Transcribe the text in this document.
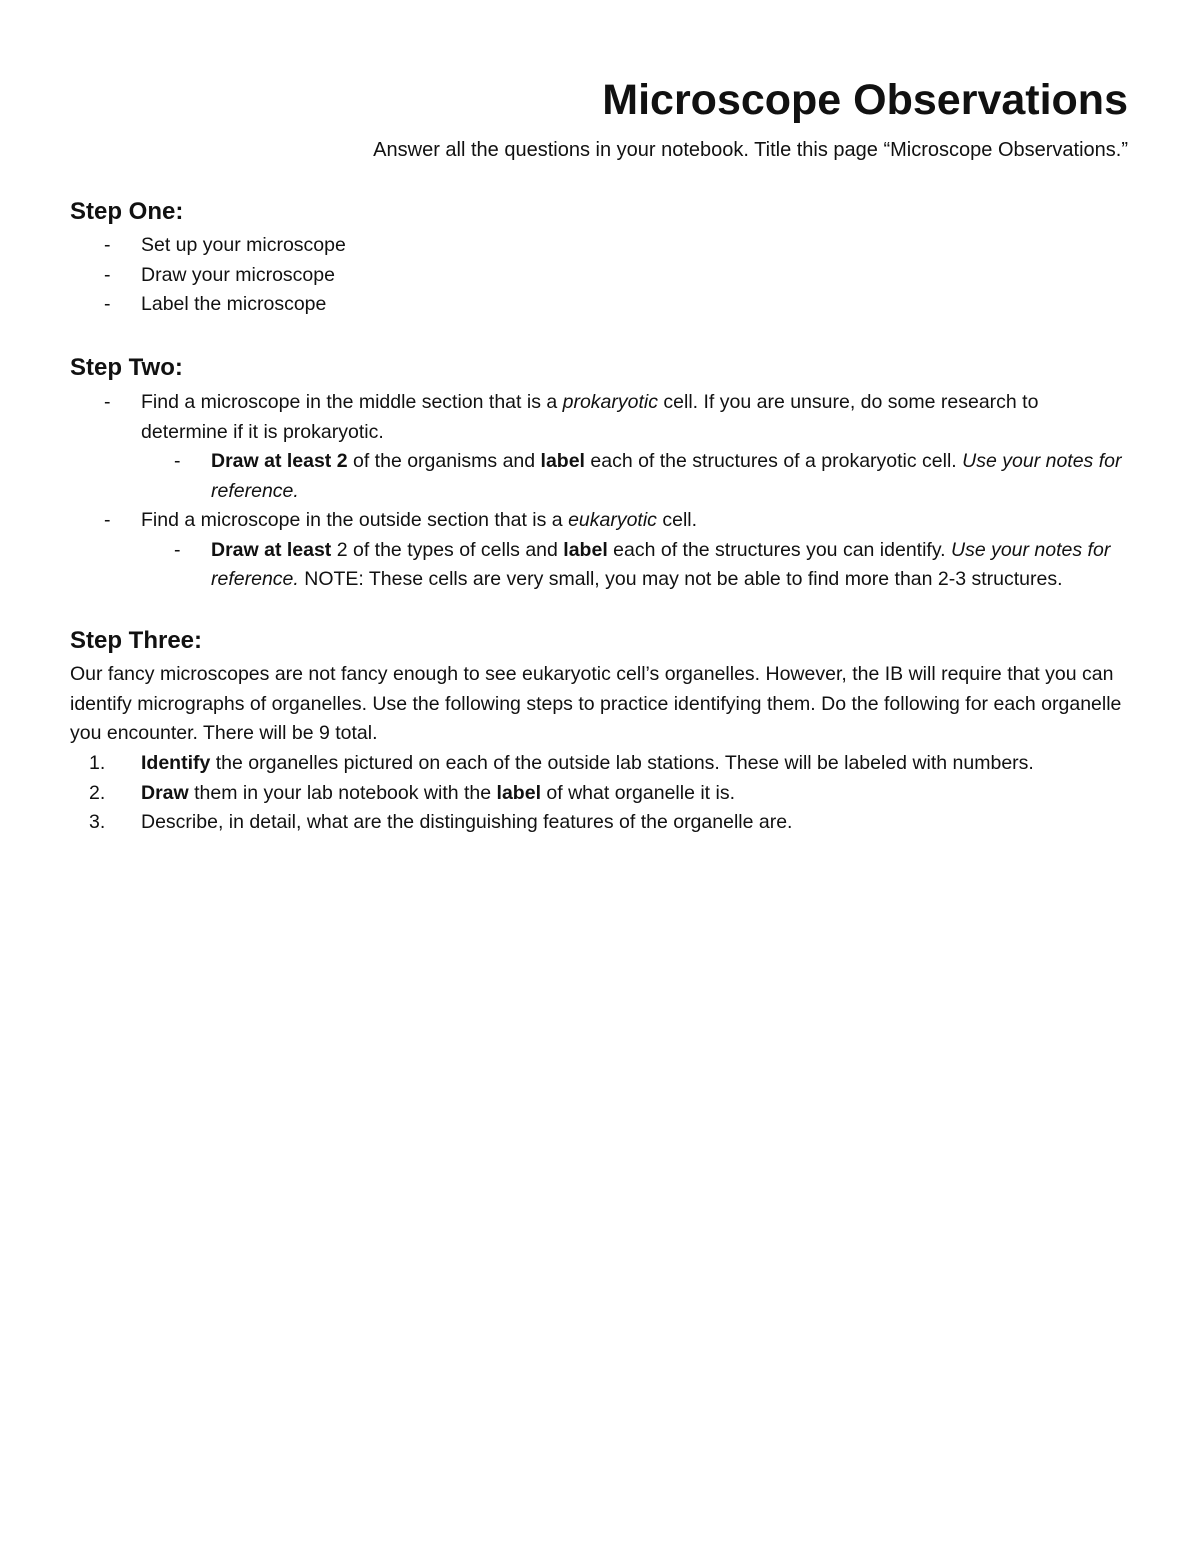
Microscope Observations

Answer all the questions in your notebook. Title this page “Microscope Observations.”

Step One:
- Set up your microscope
- Draw your microscope
- Label the microscope
Step Two:
- Find a microscope in the middle section that is a prokaryotic cell. If you are unsure, do some research to determine if it is prokaryotic.
- Draw at least 2 of the organisms and label each of the structures of a prokaryotic cell. Use your notes for reference.
- Find a microscope in the outside section that is a eukaryotic cell.
- Draw at least 2 of the types of cells and label each of the structures you can identify. Use your notes for reference. NOTE: These cells are very small, you may not be able to find more than 2-3 structures.
Step Three:

Our fancy microscopes are not fancy enough to see eukaryotic cell’s organelles. However, the IB will require that you can identify micrographs of organelles. Use the following steps to practice identifying them. Do the following for each organelle you encounter. There will be 9 total.

1. Identify the organelles pictured on each of the outside lab stations. These will be labeled with numbers.
2. Draw them in your lab notebook with the label of what organelle it is.
3. Describe, in detail, what are the distinguishing features of the organelle are.
